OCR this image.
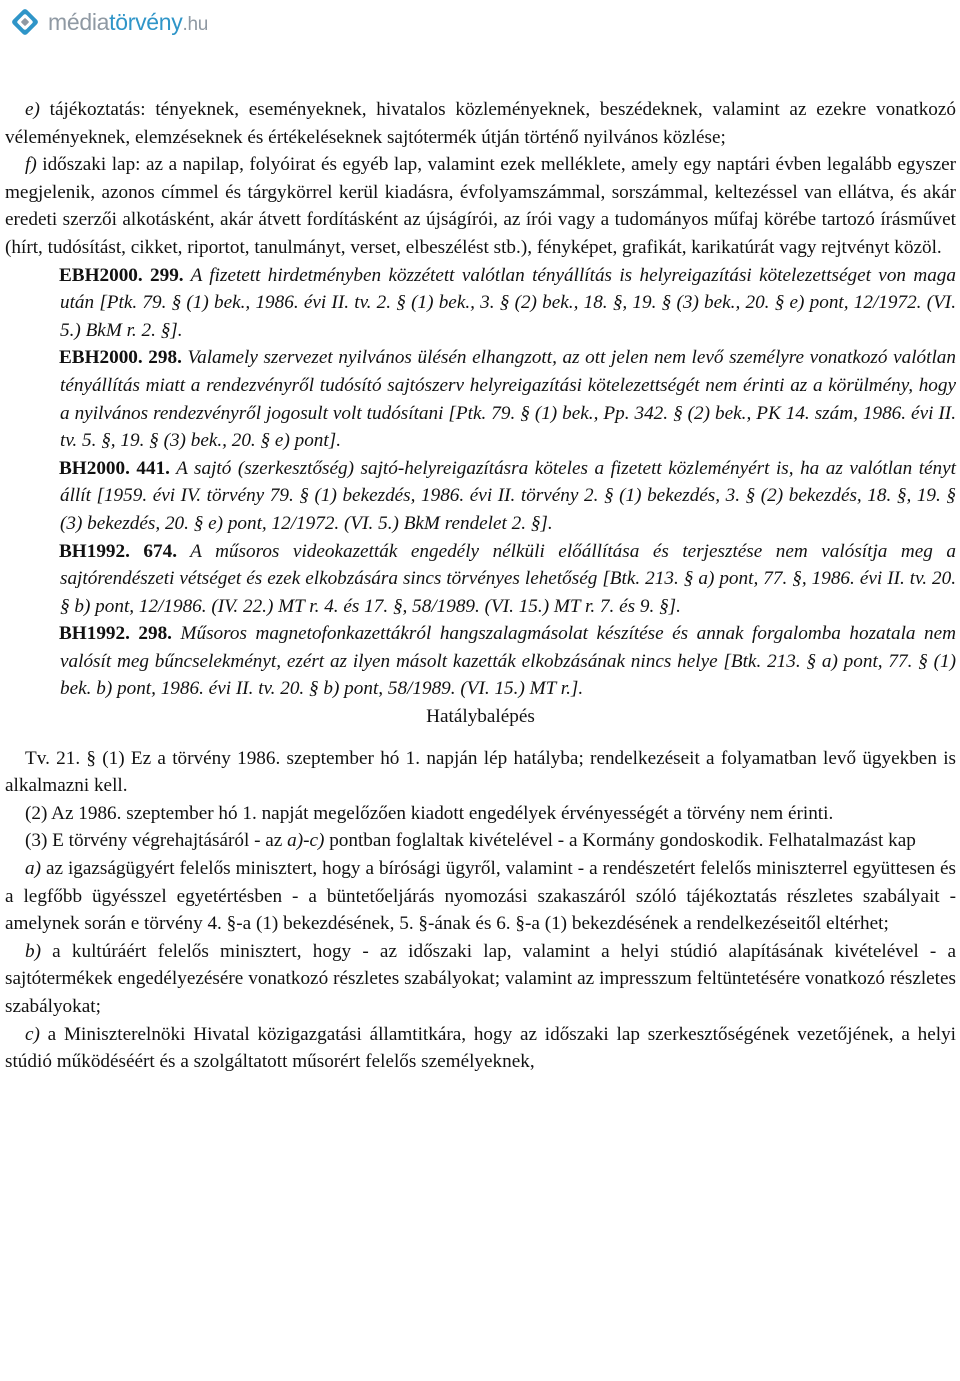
médiatörvény.hu

e) tájékoztatás: tényeknek, eseményeknek, hivatalos közleményeknek, beszédeknek, valamint az ezekre vonatkozó véleményeknek, elemzéseknek és értékeléseknek sajtótermék útján történő nyilvános közlése;

f) időszaki lap: az a napilap, folyóirat és egyéb lap, valamint ezek melléklete, amely egy naptári évben legalább egyszer megjelenik, azonos címmel és tárgykörrel kerül kiadásra, évfolyamszámmal, sorszámmal, keltezéssel van ellátva, és akár eredeti szerzői alkotásként, akár átvett fordításként az újságírói, az írói vagy a tudományos műfaj körébe tartozó írásművet (hírt, tudósítást, cikket, riportot, tanulmányt, verset, elbeszélést stb.), fényképet, grafikát, karikatúrát vagy rejtvényt közöl.

EBH2000. 299. A fizetett hirdetményben közzétett valótlan tényállítás is helyreigazítási kötelezettséget von maga után [Ptk. 79. § (1) bek., 1986. évi II. tv. 2. § (1) bek., 3. § (2) bek., 18. §, 19. § (3) bek., 20. § e) pont, 12/1972. (VI. 5.) BkM r. 2. §].

EBH2000. 298. Valamely szervezet nyilvános ülésén elhangzott, az ott jelen nem levő személyre vonatkozó valótlan tényállítás miatt a rendezvényről tudósító sajtószerv helyreigazítási kötelezettségét nem érinti az a körülmény, hogy a nyilvános rendezvényről jogosult volt tudósítani [Ptk. 79. § (1) bek., Pp. 342. § (2) bek., PK 14. szám, 1986. évi II. tv. 5. §, 19. § (3) bek., 20. § e) pont].

BH2000. 441. A sajtó (szerkesztőség) sajtó-helyreigazításra köteles a fizetett közleményért is, ha az valótlan tényt állít [1959. évi IV. törvény 79. § (1) bekezdés, 1986. évi II. törvény 2. § (1) bekezdés, 3. § (2) bekezdés, 18. §, 19. § (3) bekezdés, 20. § e) pont, 12/1972. (VI. 5.) BkM rendelet 2. §].

BH1992. 674. A műsoros videokazetták engedély nélküli előállítása és terjesztése nem valósítja meg a sajtórendészeti vétséget és ezek elkobzására sincs törvényes lehetőség [Btk. 213. § a) pont, 77. §, 1986. évi II. tv. 20. § b) pont, 12/1986. (IV. 22.) MT r. 4. és 17. §, 58/1989. (VI. 15.) MT r. 7. és 9. §].

BH1992. 298. Műsoros magnetofonkazettákról hangszalagmásolat készítése és annak forgalomba hozatala nem valósít meg bűncselekményt, ezért az ilyen másolt kazetták elkobzásának nincs helye [Btk. 213. § a) pont, 77. § (1) bek. b) pont, 1986. évi II. tv. 20. § b) pont, 58/1989. (VI. 15.) MT r.].

Hatálybalépés

Tv. 21. § (1) Ez a törvény 1986. szeptember hó 1. napján lép hatályba; rendelkezéseit a folyamatban levő ügyekben is alkalmazni kell.

(2) Az 1986. szeptember hó 1. napját megelőzően kiadott engedélyek érvényességét a törvény nem érinti.

(3) E törvény végrehajtásáról - az a)-c) pontban foglaltak kivételével - a Kormány gondoskodik. Felhatalmazást kap

a) az igazságügyért felelős minisztert, hogy a bírósági ügyről, valamint - a rendészetért felelős miniszterrel együttesen és a legfőbb ügyésszel egyetértésben - a büntetőeljárás nyomozási szakaszáról szóló tájékoztatás részletes szabályait - amelynek során e törvény 4. §-a (1) bekezdésének, 5. §-ának és 6. §-a (1) bekezdésének a rendelkezéseitől eltérhet;

b) a kultúráért felelős minisztert, hogy - az időszaki lap, valamint a helyi stúdió alapításának kivételével - a sajtótermékek engedélyezésére vonatkozó részletes szabályokat; valamint az impresszum feltüntetésére vonatkozó részletes szabályokat;

c) a Miniszterelnöki Hivatal közigazgatási államtitkára, hogy az időszaki lap szerkesztőségének vezetőjének, a helyi stúdió működéséért és a szolgáltatott műsorért felelős személyeknek,
